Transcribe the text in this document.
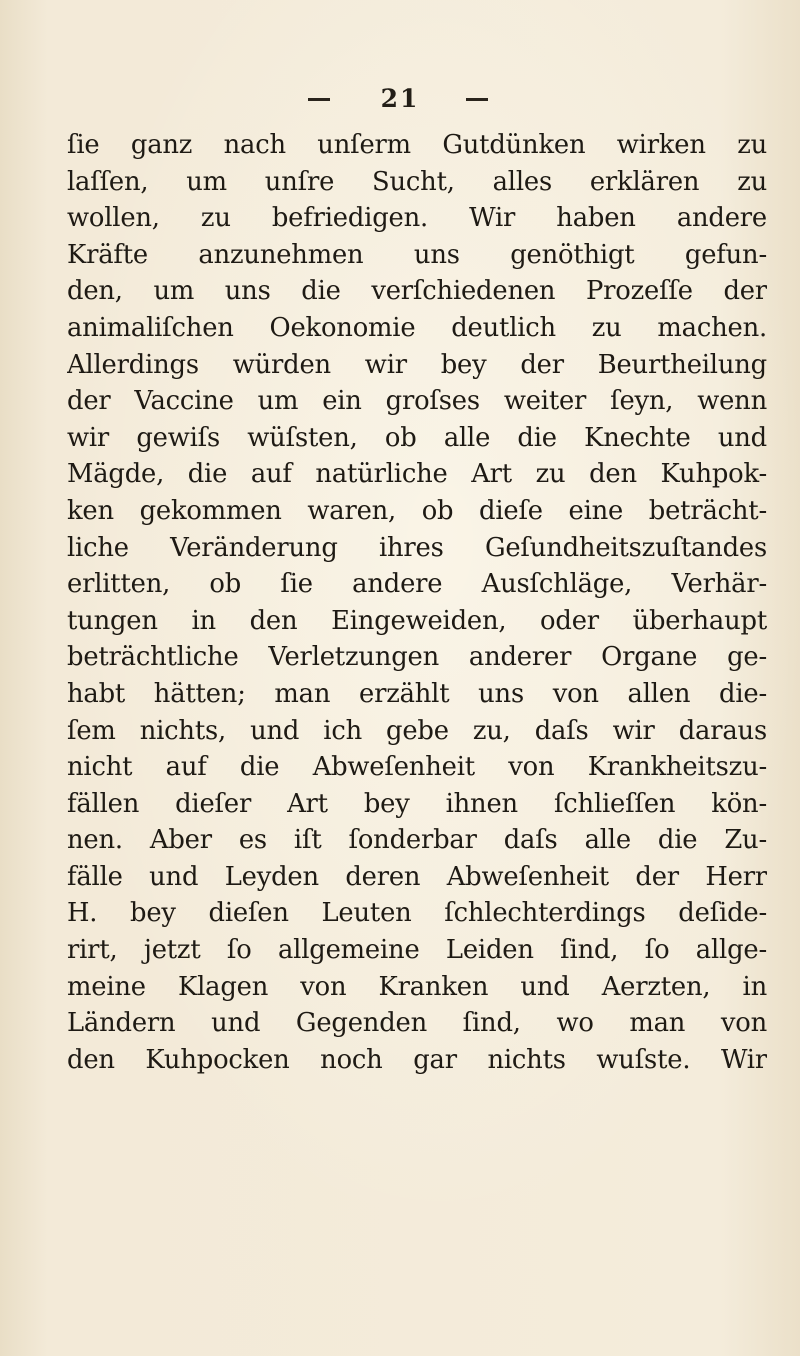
21
ſie ganz nach unſerm Gutdünken wirken zu
laſſen, um unſre Sucht, alles erklären zu
wollen, zu befriedigen. Wir haben andere
Kräfte anzunehmen uns genöthigt gefun-
den, um uns die verſchiedenen Prozeſſe der
animaliſchen Oekonomie deutlich zu machen.
Allerdings würden wir bey der Beurtheilung
der Vaccine um ein groſses weiter ſeyn, wenn
wir gewiſs wüſsten, ob alle die Knechte und
Mägde, die auf natürliche Art zu den Kuhpok-
ken gekommen waren, ob dieſe eine beträcht-
liche Veränderung ihres Geſundheitszuſtandes
erlitten, ob ſie andere Ausſchläge, Verhär-
tungen in den Eingeweiden, oder überhaupt
beträchtliche Verletzungen anderer Organe ge-
habt hätten; man erzählt uns von allen die-
ſem nichts, und ich gebe zu, daſs wir daraus
nicht auf die Abweſenheit von Krankheitszu-
fällen dieſer Art bey ihnen ſchlieſſen kön-
nen. Aber es iſt ſonderbar daſs alle die Zu-
fälle und Leyden deren Abweſenheit der Herr
H. bey dieſen Leuten ſchlechterdings deſide-
rirt, jetzt ſo allgemeine Leiden ſind, ſo allge-
meine Klagen von Kranken und Aerzten, in
Ländern und Gegenden ſind, wo man von
den Kuhpocken noch gar nichts wuſste. Wir
